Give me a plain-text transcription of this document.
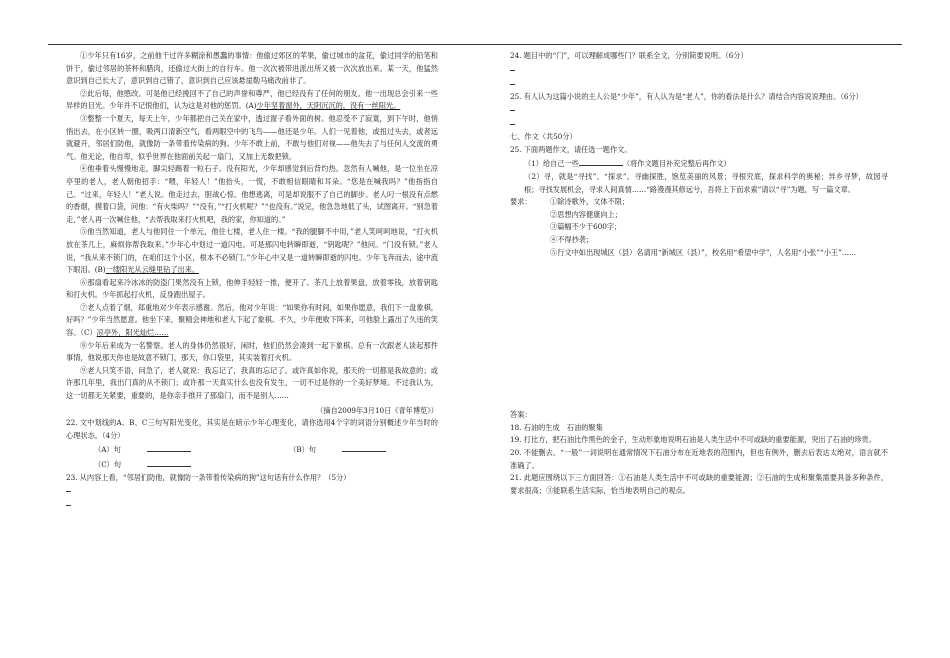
①少年只有16岁，之前他干过许多糊涂和愚蠢的事情：他偷过郊区的苹果，偷过城市的盆花，偷过同学的铅笔和饼干，偷过邻居的茶杯和腊肉，还偷过大街上的自行车。他一次次被带进派出所又被一次次放出来。某一天，他猛然意识到自己长大了，意识到自己错了，意识到自己应该悬崖勒马痛改前非了。

②此后每，他愍改。可是他已经挽回不了自己的声誉和尊严，他已经没有了任何的朋友。他一出现总会引来一些异样的目光。少年并不记恨他们，认为这是对他的惩罚。(A)少年坚着窗外，天阴沉沉的，没有一丝阳光。

③整整一个夏天，每天上午，少年都把自己关在家中，透过窗子看外面的树。他忍受不了寂寞，到下午时，他悄悄出去，在小区转一圈，吸两口清新空气，看两眼空中的飞鸟——他还是少年。人们一见着他，或扭过头去，或者远就避开，邻居们防他，就像防一条带着传染病的狗。少年不敢上前，不敢与他们对视——他失去了与任何人交流的勇气。他无论，他自卑，似乎世界在他面前关起一扇门，又加上无数把锁。

④他垂着头慢慢地走，脚尖轻踢着一粒石子。没有阳光，少年却感觉到后背灼热。忽然有人喊他，是一位坐在凉亭里的老人，老人朝他招手：“喂，年轻人！”他抬头，一慌，不敢相信眼睛和耳朵。“您是在喊我吗？”他指指自己。“过来，年轻人！”老人说。他走过去，胆战心惊。他想逃离，可是却说服不了自己的脚步。老人叼一根没有点燃的香烟，摸着口袋，问他：“有火柴吗？”“没有，”“打火机呢？”“也没有。”说完，他急急地低了头，试图离开。“别急着走，”老人再一次喊住他，“去帮我取来打火机吧，我的家，你知道的。”

⑤他当然知道，老人与他同住一个单元，他住七楼，老人住一楼。“我的腿脚不中用，”老人笑呵呵地说，“打火机放在茶几上，麻烦你帮我取来。”少年心中划过一道闪电。可是那闪电转瞬即逝，“钥匙呢？”他问。“门没有锁。”老人说，“我从来不锁门的，在咱们这个小区，根本不必锁门。”少年心中又是一道转瞬即逝的闪电。少年飞奔而去，途中流下眼泪。(B)一缕阳光从云缝里钻了出来。

⑥那扇看起来冷冰冰的防盗门果然没有上锁，他伸手轻轻一推，便开了。茶几上放着果盘，放着零钱，放着钥匙和打火机。少年抓起打火机，反身跑出屋子。

⑦老人点着了烟，郑重地对少年表示感谢。然后，他对少年说：“如果你有时间，如果你愿意，我们下一盘象棋，好吗？”少年当然愿意。他坐下来，聚精会神地和老人下起了象棋。不久，少年便败下阵来，可他脸上露出了久违的笑容。（C）凉亭外，阳光灿烂……

⑧少年后来成为一名警察。老人的身体仍然很好，闲时，他们仍然会凑到一起下象棋。总有一次跟老人谈起那件事情，他说那天你也是故意不锁门，那天，你口袋里，其实装着打火机。

⑨老人只笑不语，问急了，老人就说：我忘记了，我真的忘记了。或许真如你说，那天的一切都是我故意的；或许那几年里，我出门真的从不锁门；或许那一天真实什么也没有发生，一切不过是你的一个美好梦境。不过我认为，这一切都无关紧要，重要的，是你亲手推开了那扇门，而不是别人……

（摘自2009年3月10日《青年博览》）

22. 文中划线的A、B、C三句写阳光变化，其实是在暗示少年心理变化，请你选用4个字的词语分别概述少年当时的心理状态。（4分）

（A）句	（B）句 （C）句

23. 从内容上看，“邻居们防他，就像防一条带着传染病的狗”这句话有什么作用？（5分）

24. 题目中的“门”，可以理解成哪些门？联系全文，分别简要说明。（6分）

25. 有人认为这篇小说的主人公是“少年”，有人认为是“老人”，你的看法是什么？请结合内容说说理由。（6分）

七、作文（共50分）

25. 下面两题作文，请任选一题作文。

（1）给自己一些	（将作文题目补充完整后再作文）

（2）寻，就是“寻找”、“探求”。寻幽探胜，饱览美丽的风景；寻根究底，探求科学的奥秘；异乡寻梦，故园寻根；寻找发展机会，寻求人间真情……“路漫漫其修远兮，吾将上下而求索”请以“寻”为题，写一篇文章。

要求：	①除诗歌外，文体不限；

②思想内容健康向上；

③篇幅不少于600字；

④不得抄袭；

⑤行文中如出现城区（县）名请用“新城区（县）”，校名用“希望中学”，人名用“小张”“小王”……

答案：

18. 石油的生成　石油的聚集

19. 打比方，把石油比作黑色的金子，生动形象地说明石油是人类生活中不可或缺的重要能源，突出了石油的珍贵。

20. 不能删去。“一般”一词说明在通常情况下石油分布在近地表的范围内，但也有例外，删去后表达太绝对，语言就不准确了。

21. 此题应围绕以下三方面回答：①石油是人类生活中不可或缺的重要能源；②石油的生成和聚集需要具备多种条件，要求很高；③能联系生活实际，恰当地表明自己的观点。
